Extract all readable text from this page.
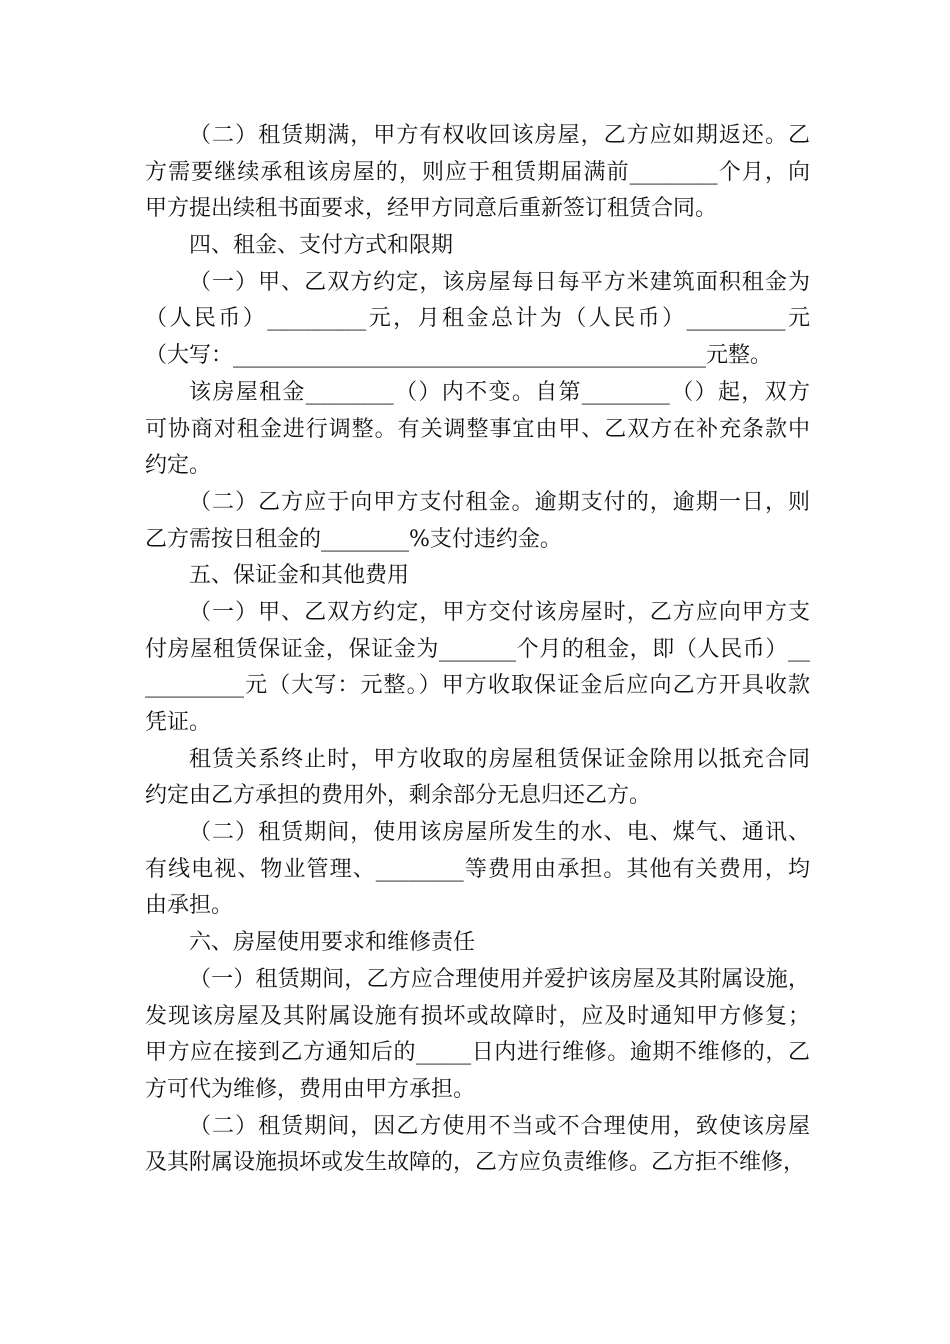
（二）租赁期满，甲方有权收回该房屋，乙方应如期返还。乙
方需要继续承租该房屋的，则应于租赁期届满前________个月，向
甲方提出续租书面要求，经甲方同意后重新签订租赁合同。
四、租金、支付方式和限期
（一）甲、乙双方约定，该房屋每日每平方米建筑面积租金为
（人民币）_________元，月租金总计为（人民币）_________元
（大写：___________________________________________元整。
该房屋租金________（）内不变。自第________（）起，双方
可协商对租金进行调整。有关调整事宜由甲、乙双方在补充条款中
约定。
（二）乙方应于向甲方支付租金。逾期支付的，逾期一日，则
乙方需按日租金的________%支付违约金。
五、保证金和其他费用
（一）甲、乙双方约定，甲方交付该房屋时，乙方应向甲方支
付房屋租赁保证金，保证金为_______个月的租金，即（人民币）__
_________元（大写：元整。）甲方收取保证金后应向乙方开具收款
凭证。
租赁关系终止时，甲方收取的房屋租赁保证金除用以抵充合同
约定由乙方承担的费用外，剩余部分无息归还乙方。
（二）租赁期间，使用该房屋所发生的水、电、煤气、通讯、
有线电视、物业管理、________等费用由承担。其他有关费用，均
由承担。
六、房屋使用要求和维修责任
（一）租赁期间，乙方应合理使用并爱护该房屋及其附属设施，
发现该房屋及其附属设施有损坏或故障时，应及时通知甲方修复；
甲方应在接到乙方通知后的_____日内进行维修。逾期不维修的，乙
方可代为维修，费用由甲方承担。
（二）租赁期间，因乙方使用不当或不合理使用，致使该房屋
及其附属设施损坏或发生故障的，乙方应负责维修。乙方拒不维修，
